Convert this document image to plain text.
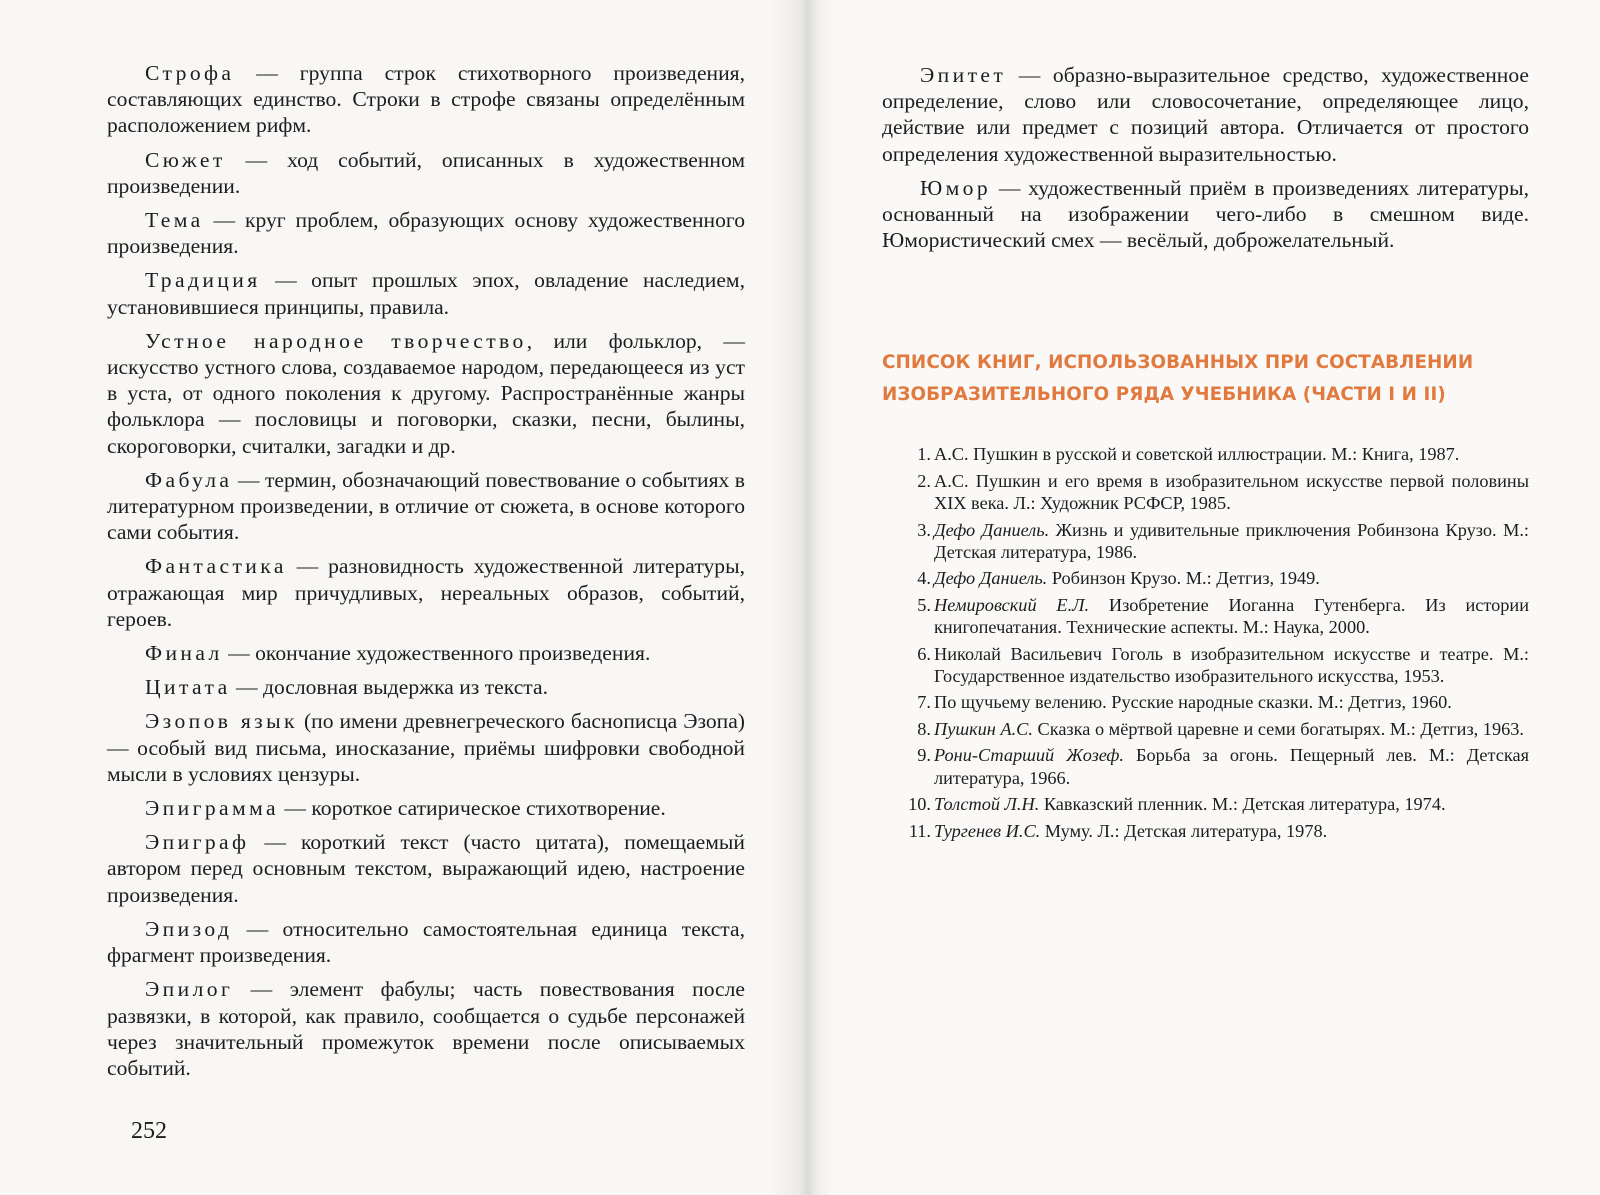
Строфа — группа строк стихотворного произведения, составляющих единство. Строки в строфе связаны определённым расположением рифм.

Сюжет — ход событий, описанных в художественном произведении.

Тема — круг проблем, образующих основу художественного произведения.

Традиция — опыт прошлых эпох, овладение наследием, установившиеся принципы, правила.

Устное народное творчество, или фольклор, — искусство устного слова, создаваемое народом, передающееся из уст в уста, от одного поколения к другому. Распространённые жанры фольклора — пословицы и поговорки, сказки, песни, былины, скороговорки, считалки, загадки и др.

Фабула — термин, обозначающий повествование о событиях в литературном произведении, в отличие от сюжета, в основе которого сами события.

Фантастика — разновидность художественной литературы, отражающая мир причудливых, нереальных образов, событий, героев.

Финал — окончание художественного произведения.

Цитата — дословная выдержка из текста.

Эзопов язык (по имени древнегреческого баснописца Эзопа) — особый вид письма, иносказание, приёмы шифровки свободной мысли в условиях цензуры.

Эпиграмма — короткое сатирическое стихотворение.

Эпиграф — короткий текст (часто цитата), помещаемый автором перед основным текстом, выражающий идею, настроение произведения.

Эпизод — относительно самостоятельная единица текста, фрагмент произведения.

Эпилог — элемент фабулы; часть повествования после развязки, в которой, как правило, сообщается о судьбе персонажей через значительный промежуток времени после описываемых событий.

252

Эпитет — образно-выразительное средство, художественное определение, слово или словосочетание, определяющее лицо, действие или предмет с позиций автора. Отличается от простого определения художественной выразительностью.

Юмор — художественный приём в произведениях литературы, основанный на изображении чего-либо в смешном виде. Юмористический смех — весёлый, доброжелательный.

СПИСОК КНИГ, ИСПОЛЬЗОВАННЫХ ПРИ СОСТАВЛЕНИИ
ИЗОБРАЗИТЕЛЬНОГО РЯДА УЧЕБНИКА (ЧАСТИ I И II)
1. А.С. Пушкин в русской и советской иллюстрации. М.: Книга, 1987.
2. А.С. Пушкин и его время в изобразительном искусстве первой половины XIX века. Л.: Художник РСФСР, 1985.
3. Дефо Даниель. Жизнь и удивительные приключения Робинзона Крузо. М.: Детская литература, 1986.
4. Дефо Даниель. Робинзон Крузо. М.: Детгиз, 1949.
5. Немировский Е.Л. Изобретение Иоганна Гутенберга. Из истории книгопечатания. Технические аспекты. М.: Наука, 2000.
6. Николай Васильевич Гоголь в изобразительном искусстве и театре. М.: Государственное издательство изобразительного искусства, 1953.
7. По щучьему велению. Русские народные сказки. М.: Детгиз, 1960.
8. Пушкин А.С. Сказка о мёртвой царевне и семи богатырях. М.: Детгиз, 1963.
9. Рони-Старший Жозеф. Борьба за огонь. Пещерный лев. М.: Детская литература, 1966.
10. Толстой Л.Н. Кавказский пленник. М.: Детская литература, 1974.
11. Тургенев И.С. Муму. Л.: Детская литература, 1978.
